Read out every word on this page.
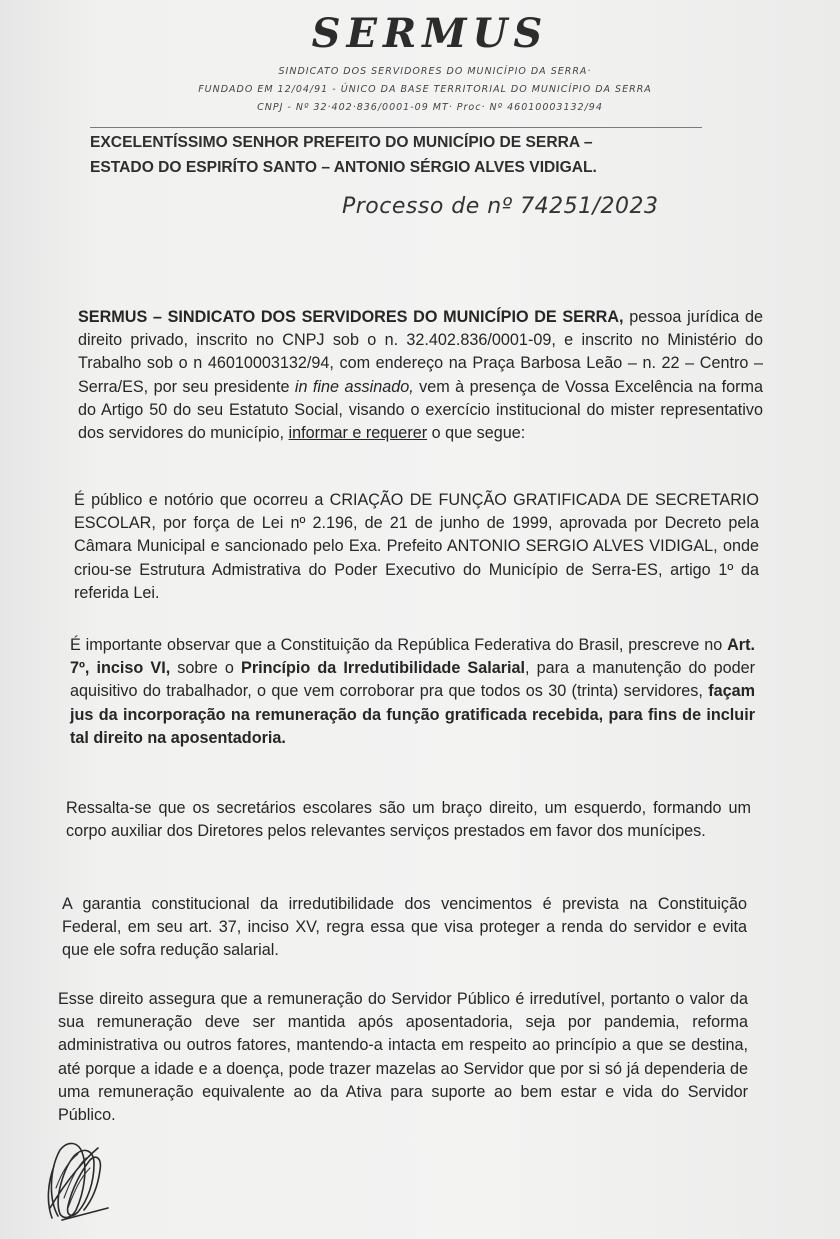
SERMUS
SINDICATO DOS SERVIDORES DO MUNICÍPIO DA SERRA·
FUNDADO EM 12/04/91 - ÚNICO DA BASE TERRITORIAL DO MUNICÍPIO DA SERRA
CNPJ - Nº 32·402·836/0001-09 MT· Proc· Nº 46010003132/94
EXCELENTÍSSIMO SENHOR PREFEITO DO MUNICÍPIO DE SERRA –
ESTADO DO ESPIRÍTO SANTO – ANTONIO SÉRGIO ALVES VIDIGAL.
Processo de nº 74251/2023
SERMUS – SINDICATO DOS SERVIDORES DO MUNICÍPIO DE SERRA, pessoa jurídica de direito privado, inscrito no CNPJ sob o n. 32.402.836/0001-09, e inscrito no Ministério do Trabalho sob o n 46010003132/94, com endereço na Praça Barbosa Leão – n. 22 – Centro – Serra/ES, por seu presidente in fine assinado, vem à presença de Vossa Excelência na forma do Artigo 50 do seu Estatuto Social, visando o exercício institucional do mister representativo dos servidores do município, informar e requerer o que segue:
É público e notório que ocorreu a CRIAÇÃO DE FUNÇÃO GRATIFICADA DE SECRETARIO ESCOLAR, por força de Lei nº 2.196, de 21 de junho de 1999, aprovada por Decreto pela Câmara Municipal e sancionado pelo Exa. Prefeito ANTONIO SERGIO ALVES VIDIGAL, onde criou-se Estrutura Admistrativa do Poder Executivo do Município de Serra-ES, artigo 1º da referida Lei.
É importante observar que a Constituição da República Federativa do Brasil, prescreve no Art. 7º, inciso VI, sobre o Princípio da Irredutibilidade Salarial, para a manutenção do poder aquisitivo do trabalhador, o que vem corroborar pra que todos os 30 (trinta) servidores, façam jus da incorporação na remuneração da função gratificada recebida, para fins de incluir tal direito na aposentadoria.
Ressalta-se que os secretários escolares são um braço direito, um esquerdo, formando um corpo auxiliar dos Diretores pelos relevantes serviços prestados em favor dos munícipes.
A garantia constitucional da irredutibilidade dos vencimentos é prevista na Constituição Federal, em seu art. 37, inciso XV, regra essa que visa proteger a renda do servidor e evita que ele sofra redução salarial.
Esse direito assegura que a remuneração do Servidor Público é irredutível, portanto o valor da sua remuneração deve ser mantida após aposentadoria, seja por pandemia, reforma administrativa ou outros fatores, mantendo-a intacta em respeito ao princípio a que se destina, até porque a idade e a doença, pode trazer mazelas ao Servidor que por si só já dependeria de uma remuneração equivalente ao da Ativa para suporte ao bem estar e vida do Servidor Público.
